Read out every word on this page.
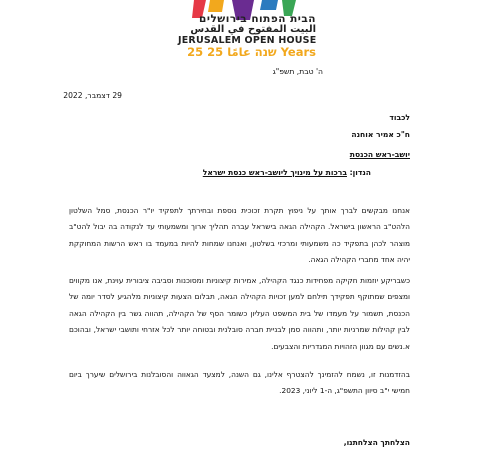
הבית הפתוח בירושלים
البيت المفتوح في القدس
JERUSALEM OPEN HOUSE
25 שנה ﻋﺎﻣًﺎ 25 Years
ה' טבת, תשפ"ג
29 דצמבר, 2022
לכבוד
ח"כ אמיר אוחנה
יושב-ראש הכנסת
הנדון: ברכות על מינויך ליושב-ראש כנסת ישראל
אנחנו מבקשים לברך אותך על ניפוץ תקרת זכוכית נוספת ובחירתך לתפקיד יו"ר הכנסת, סמל השלטון הלהט"ב הראשון בישראל. הקהילה הגאה בישראל עברה תהליך ארוך ומשמעותי עד לנקודה בה יבול להט"ב מוצהר לכהן בתפקיד כה משמעותי ומרכזי בשלטון, ואנחנו שמחות להיות במעמד בו ראש הרשות המחוקקת יהיה אחד מחברי הקהילה הגאה.
כשבריקע יוזמות חקיקה מפחידות כנגד הקהילה, אמירות קיצוניות ומסוכנות וסביבה ציבורית עוינת, אנו מקווים ומצפים שמתוקף תפקידך תילחם למען זכויות הקהילה הגאה, תבלום הצעות קיצוניות מלהגיע לסדר יומה של הכנסת, תשמור על מעמדו של בית המשפט העליון כשומר הסף של הקהילה, תהווה גשר בין הקהילה הגאה לבין קהילות שמרניות יותר, ותהווה סמן לבניית חברה סובלנית ובטוחה יותר לכל אזרחי ותושבי ישראל, ובהוכם א.נשים עם מגוון הזהויות המגדריות והצבעים.
בהזדמנות זו, נשמח להזמינך להצטרף אלינו, גם השנה, למצעד הגאווה והסובלנות בירושלים שיערך ביום חמישי י"ב סיוון התשפ"ג, ה-1 ליוני, 2023.
הצלחתך הצלחתנו,
